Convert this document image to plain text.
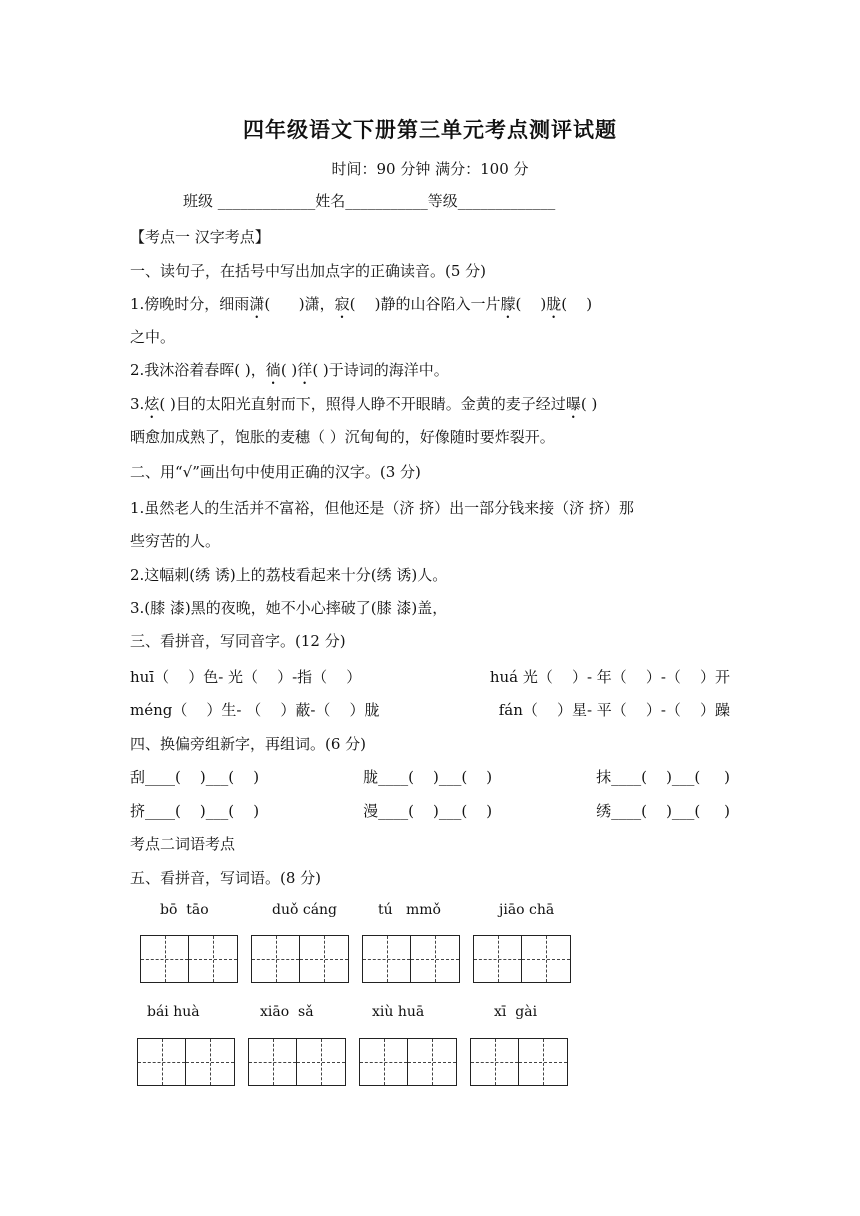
四年级语文下册第三单元考点测评试题
时间：90 分钟 满分：100 分
班级 _____________姓名___________等级_____________
【考点一 汉字考点】
一、读句子，在括号中写出加点字的正确读音。(5 分)
1.傍晚时分，细雨潇(      )潇，寂(    )静的山谷陷入一片朦(    )胧(    )
之中。
2.我沐浴着春晖( )，徜( )徉( )于诗词的海洋中。
3.炫( )目的太阳光直射而下，照得人睁不开眼睛。金黄的麦子经过曝( )
晒愈加成熟了，饱胀的麦穗（ ）沉甸甸的，好像随时要炸裂开。
二、用“√”画出句中使用正确的汉字。(3 分)
1.虽然老人的生活并不富裕，但他还是（济 挤）出一部分钱来接（济 挤）那
些穷苦的人。
2.这幅刺(绣 诱)上的荔枝看起来十分(绣 诱)人。
3.(膝 漆)黑的夜晚，她不小心摔破了(膝 漆)盖，
三、看拼音，写同音字。(12 分)
huī（    ）色- 光（    ）-指（    ）	huá 光（    ）- 年（    ）-（    ）开
méng（    ）生- （    ）蔽-（    ）胧	fán（    ）星- 平（    ）-（    ）躁
四、换偏旁组新字，再组词。(6 分)
刮____(    )___(    )	胧____(    )___(    )	抹____(    )___(     )
挤____(    )___(    )	漫____(    )___(    )	绣____(    )___(     )
考点二词语考点
五、看拼音，写词语。(8 分)
bō  tāo	duǒ cáng	tú   mmǒ	jiāo chā
bái huà	xiāo  sǎ	xiù huā	xī  gài
